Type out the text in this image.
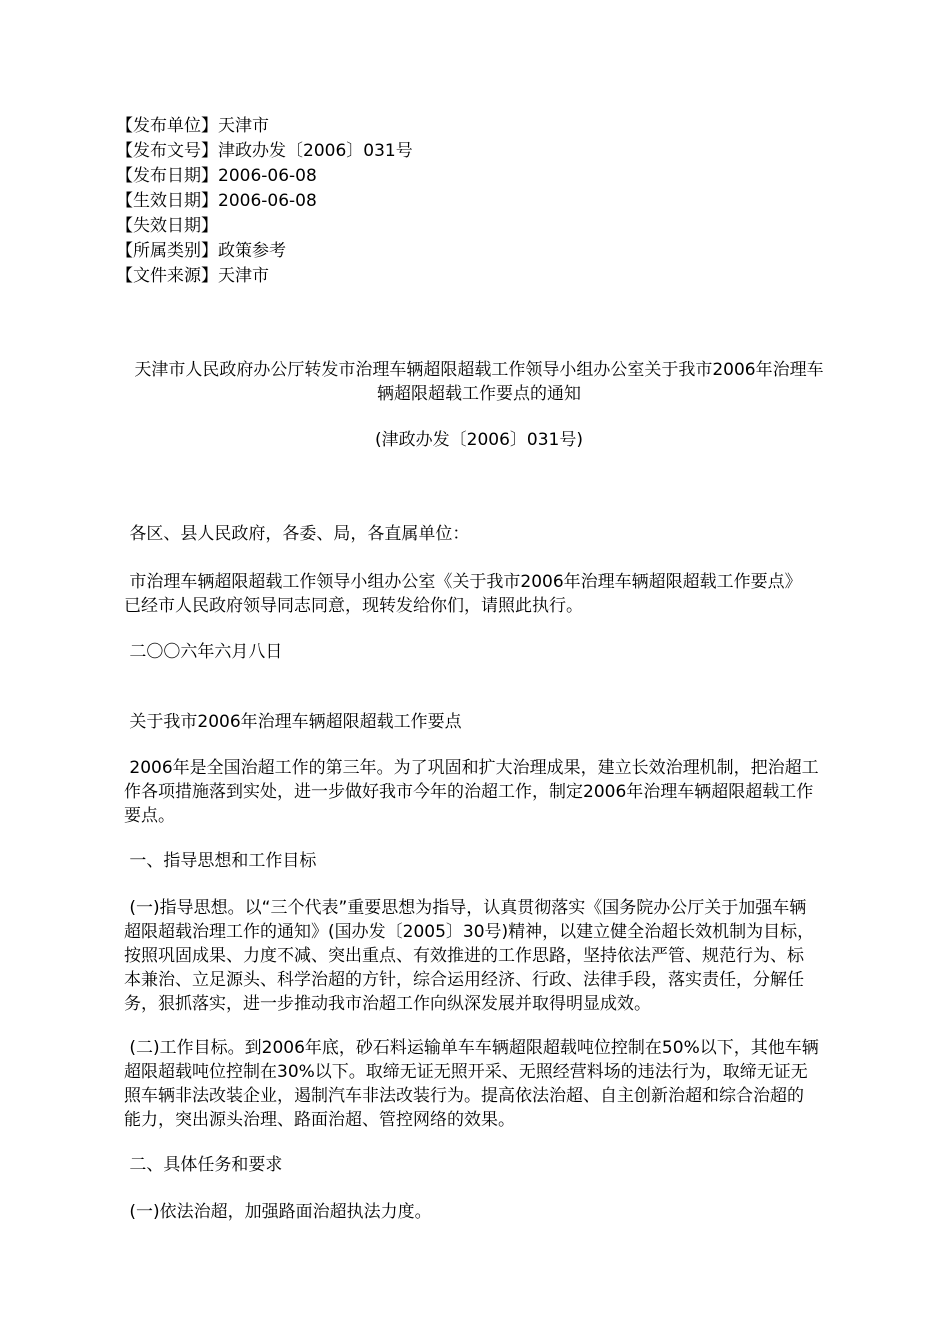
【发布单位】天津市
【发布文号】津政办发〔2006〕031号
【发布日期】2006-06-08
【生效日期】2006-06-08
【失效日期】
【所属类别】政策参考
【文件来源】天津市
天津市人民政府办公厅转发市治理车辆超限超载工作领导小组办公室关于我市2006年治理车
辆超限超载工作要点的通知
(津政办发〔2006〕031号)
各区、县人民政府，各委、局，各直属单位：
市治理车辆超限超载工作领导小组办公室《关于我市2006年治理车辆超限超载工作要点》
已经市人民政府领导同志同意，现转发给你们，请照此执行。
二〇〇六年六月八日
关于我市2006年治理车辆超限超载工作要点
2006年是全国治超工作的第三年。为了巩固和扩大治理成果，建立长效治理机制，把治超工
作各项措施落到实处，进一步做好我市今年的治超工作，制定2006年治理车辆超限超载工作
要点。
一、指导思想和工作目标
(一)指导思想。以“三个代表”重要思想为指导，认真贯彻落实《国务院办公厅关于加强车辆
超限超载治理工作的通知》(国办发〔2005〕30号)精神，以建立健全治超长效机制为目标，
按照巩固成果、力度不减、突出重点、有效推进的工作思路，坚持依法严管、规范行为、标
本兼治、立足源头、科学治超的方针，综合运用经济、行政、法律手段，落实责任，分解任
务，狠抓落实，进一步推动我市治超工作向纵深发展并取得明显成效。
(二)工作目标。到2006年底，砂石料运输单车车辆超限超载吨位控制在50%以下，其他车辆
超限超载吨位控制在30%以下。取缔无证无照开采、无照经营料场的违法行为，取缔无证无
照车辆非法改装企业，遏制汽车非法改装行为。提高依法治超、自主创新治超和综合治超的
能力，突出源头治理、路面治超、管控网络的效果。
二、具体任务和要求
(一)依法治超，加强路面治超执法力度。
